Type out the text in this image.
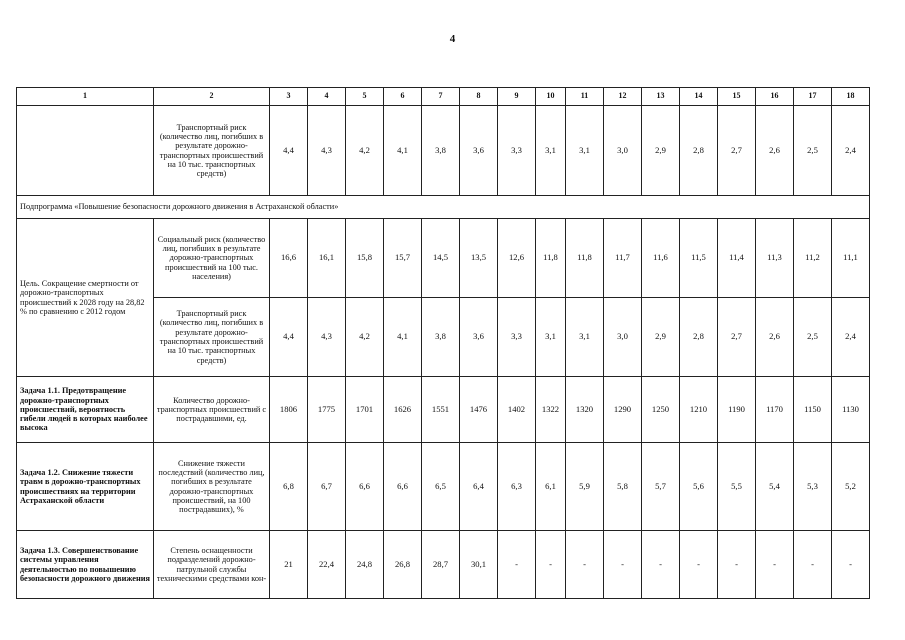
4
1	2	3	4	5	6	7	8	9	10	11	12	13	14	15	16	17	18
	Транспортный риск (количество лиц, погибших в результате дорожно-транспортных происшествий на 10 тыс. транспортных средств)	4,4	4,3	4,2	4,1	3,8	3,6	3,3	3,1	3,1	3,0	2,9	2,8	2,7	2,6	2,5	2,4
Подпрограмма «Повышение безопасности дорожного движения в Астраханской области»																	
Цель. Сокращение смертности от дорожно-транспортных происшествий к 2028 году на 28,82 % по сравнению с 2012 годом	Социальный риск (количество лиц, погибших в результате дорожно-транспортных происшествий на 100 тыс. населения)	16,6	16,1	15,8	15,7	14,5	13,5	12,6	11,8	11,8	11,7	11,6	11,5	11,4	11,3	11,2	11,1
	Транспортный риск (количество лиц, погибших в результате дорожно-транспортных происшествий на 10 тыс. транспортных средств)	4,4	4,3	4,2	4,1	3,8	3,6	3,3	3,1	3,1	3,0	2,9	2,8	2,7	2,6	2,5	2,4
Задача 1.1. Предотвращение дорожно-транспортных происшествий, вероятность гибели людей в которых наиболее высока	Количество дорожно-транспортных происшествий с пострадавшими, ед.	1806	1775	1701	1626	1551	1476	1402	1322	1320	1290	1250	1210	1190	1170	1150	1130
Задача 1.2. Снижение тяжести травм в дорожно-транспортных происшествиях на территории Астраханской области	Снижение тяжести последствий (количество лиц, погибших в результате дорожно-транспортных происшествий, на 100 пострадавших), %	6,8	6,7	6,6	6,6	6,5	6,4	6,3	6,1	5,9	5,8	5,7	5,6	5,5	5,4	5,3	5,2
Задача 1.3. Совершенствование системы управления деятельностью по повышению безопасности дорожного движения	Степень оснащенности подразделений дорожно-патрульной службы техническими средствами кон-	21	22,4	24,8	26,8	28,7	30,1	-	-	-	-	-	-	-	-	-	-
